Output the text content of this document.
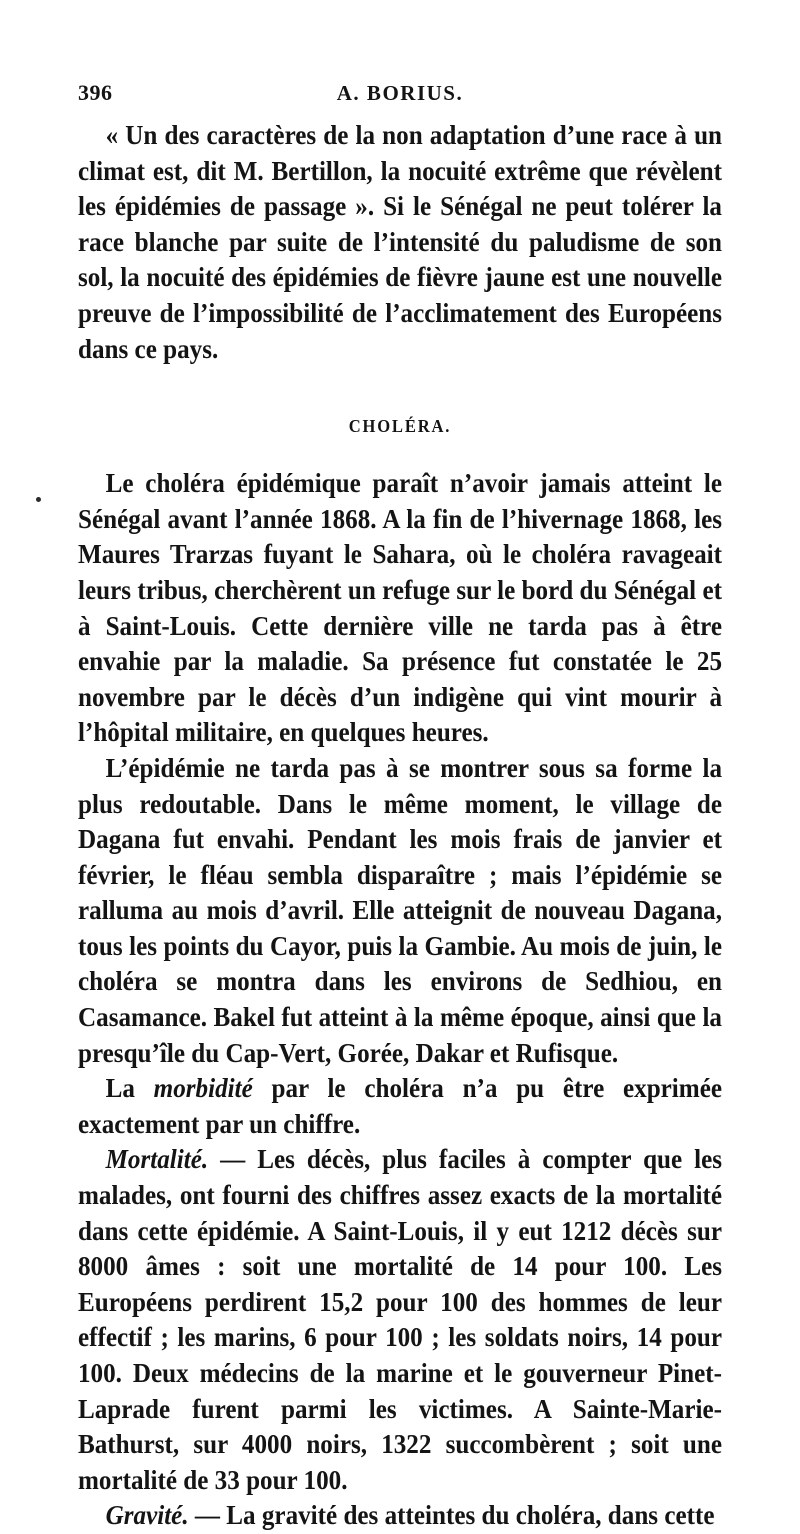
396	A. BORIUS.

« Un des caractères de la non adaptation d’une race à un climat est, dit M. Bertillon, la nocuité extrême que révèlent les épidémies de passage ». Si le Sénégal ne peut tolérer la race blanche par suite de l’intensité du paludisme de son sol, la nocuité des épidémies de fièvre jaune est une nouvelle preuve de l’impossibilité de l’acclimatement des Européens dans ce pays.

CHOLÉRA.

Le choléra épidémique paraît n’avoir jamais atteint le Sénégal avant l’année 1868. A la fin de l’hivernage 1868, les Maures Trarzas fuyant le Sahara, où le choléra ravageait leurs tribus, cherchèrent un refuge sur le bord du Sénégal et à Saint-Louis. Cette dernière ville ne tarda pas à être envahie par la maladie. Sa présence fut constatée le 25 novembre par le décès d’un indigène qui vint mourir à l’hôpital militaire, en quelques heures.

L’épidémie ne tarda pas à se montrer sous sa forme la plus redoutable. Dans le même moment, le village de Dagana fut envahi. Pendant les mois frais de janvier et février, le fléau sembla disparaître ; mais l’épidémie se ralluma au mois d’avril. Elle atteignit de nouveau Dagana, tous les points du Cayor, puis la Gambie. Au mois de juin, le choléra se montra dans les environs de Sedhiou, en Casamance. Bakel fut atteint à la même époque, ainsi que la presqu’île du Cap-Vert, Gorée, Dakar et Rufisque.

La morbidité par le choléra n’a pu être exprimée exactement par un chiffre.

Mortalité. — Les décès, plus faciles à compter que les malades, ont fourni des chiffres assez exacts de la mortalité dans cette épidémie. A Saint-Louis, il y eut 1212 décès sur 8000 âmes : soit une mortalité de 14 pour 100. Les Européens perdirent 15,2 pour 100 des hommes de leur effectif ; les marins, 6 pour 100 ; les soldats noirs, 14 pour 100. Deux médecins de la marine et le gouverneur Pinet-Laprade furent parmi les victimes. A Sainte-Marie-Bathurst, sur 4000 noirs, 1322 succombèrent ; soit une mortalité de 33 pour 100.

Gravité. — La gravité des atteintes du choléra, dans cette
